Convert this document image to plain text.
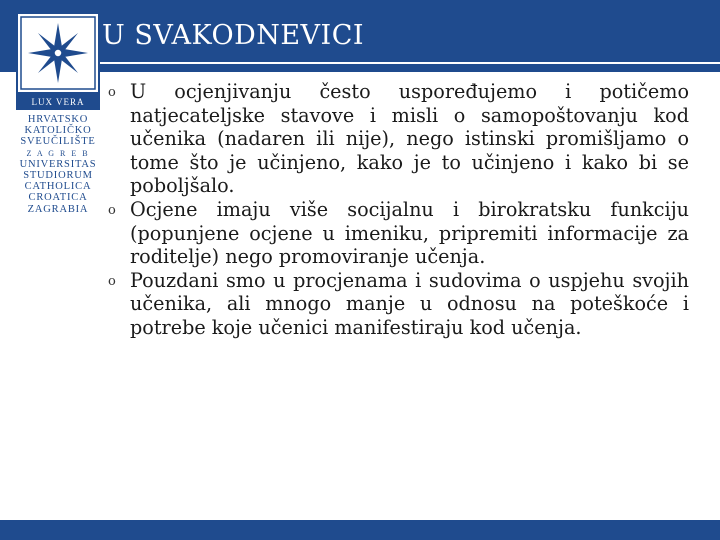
U SVAKODNEVICI
LUX VERA
HRVATSKO
KATOLIČKO
SVEUČILIŠTE
Z A G R E B
UNIVERSITAS
STUDIORUM
CATHOLICA
CROATICA
ZAGRABIA
o U ocjenjivanju često uspoređujemo i potičemo natjecateljske stavove i misli o samopoštovanju kod učenika (nadaren ili nije), nego istinski promišljamo o tome što je učinjeno, kako je to učinjeno i kako bi se poboljšalo.
o Ocjene imaju više socijalnu i birokratsku funkciju (popunjene ocjene u imeniku, pripremiti informacije za roditelje) nego promoviranje učenja.
o Pouzdani smo u procjenama i sudovima o uspjehu svojih učenika, ali mnogo manje u odnosu na poteškoće i potrebe koje učenici manifestiraju kod učenja.
